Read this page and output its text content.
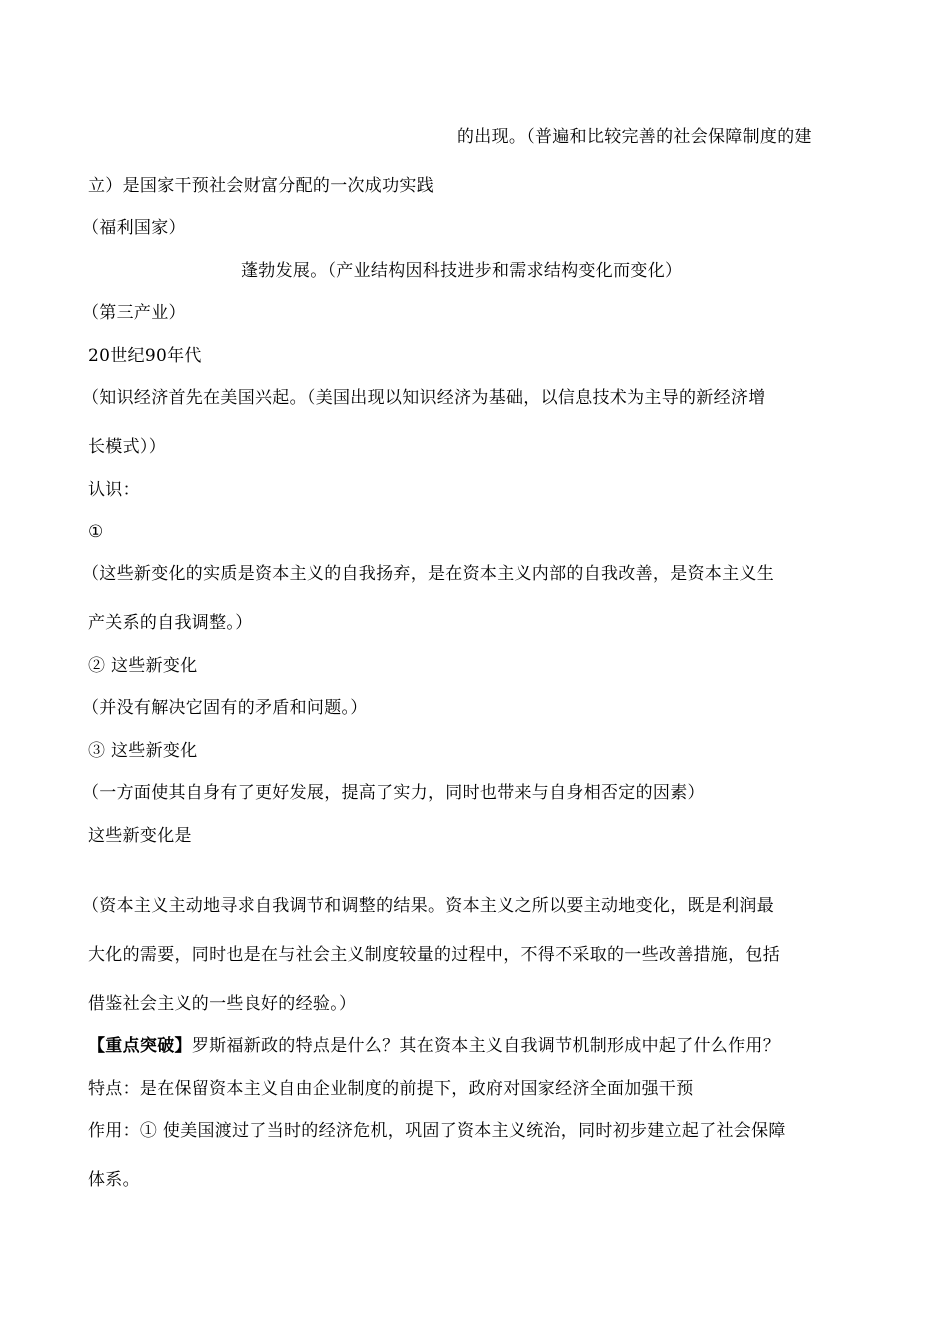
的出现。（普遍和比较完善的社会保障制度的建
立）是国家干预社会财富分配的一次成功实践
（福利国家）
蓬勃发展。（产业结构因科技进步和需求结构变化而变化）
（第三产业）
20世纪90年代
（知识经济首先在美国兴起。（美国出现以知识经济为基础，以信息技术为主导的新经济增
长模式））
认识：
①
（这些新变化的实质是资本主义的自我扬弃，是在资本主义内部的自我改善，是资本主义生
产关系的自我调整。）
② 这些新变化
（并没有解决它固有的矛盾和问题。）
③ 这些新变化
（一方面使其自身有了更好发展，提高了实力，同时也带来与自身相否定的因素）
这些新变化是
（资本主义主动地寻求自我调节和调整的结果。资本主义之所以要主动地变化，既是利润最
大化的需要，同时也是在与社会主义制度较量的过程中，不得不采取的一些改善措施，包括
借鉴社会主义的一些良好的经验。）
【重点突破】罗斯福新政的特点是什么？其在资本主义自我调节机制形成中起了什么作用？
特点：是在保留资本主义自由企业制度的前提下，政府对国家经济全面加强干预
作用：① 使美国渡过了当时的经济危机，巩固了资本主义统治，同时初步建立起了社会保障
体系。
